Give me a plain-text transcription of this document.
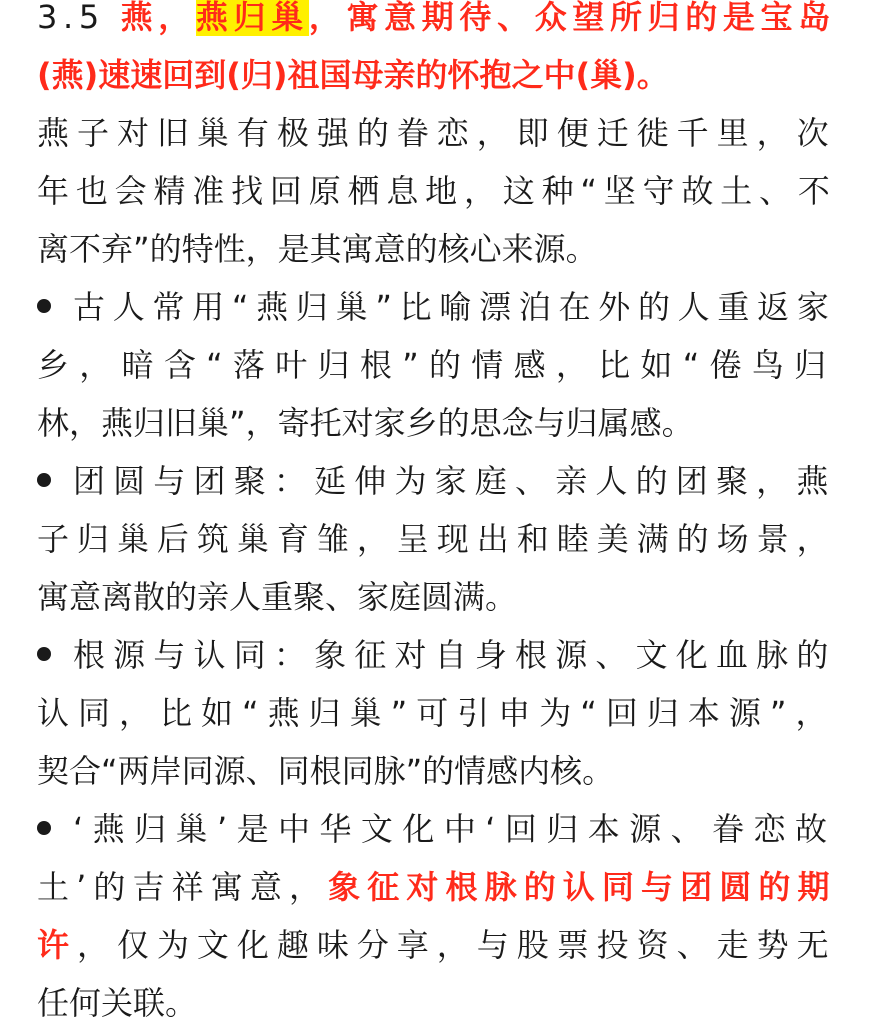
3.5 燕，燕归巢，寓意期待、众望所归的是宝岛
(燕)速速回到(归)祖国母亲的怀抱之中(巢)。
燕子对旧巢有极强的眷恋，即便迁徙千里，次
年也会精准找回原栖息地，这种“坚守故土、不
离不弃”的特性，是其寓意的核心来源。
古人常用“燕归巢”比喻漂泊在外的人重返家
乡，暗含“落叶归根”的情感，比如“倦鸟归
林，燕归旧巢”，寄托对家乡的思念与归属感。
团圆与团聚：延伸为家庭、亲人的团聚，燕
子归巢后筑巢育雏，呈现出和睦美满的场景，
寓意离散的亲人重聚、家庭圆满。
根源与认同：象征对自身根源、文化血脉的
认同，比如“燕归巢”可引申为“回归本源”，
契合“两岸同源、同根同脉”的情感内核。
‘燕归巢’是中华文化中‘回归本源、眷恋故
土’的吉祥寓意，象征对根脉的认同与团圆的期
许，仅为文化趣味分享，与股票投资、走势无
任何关联。
